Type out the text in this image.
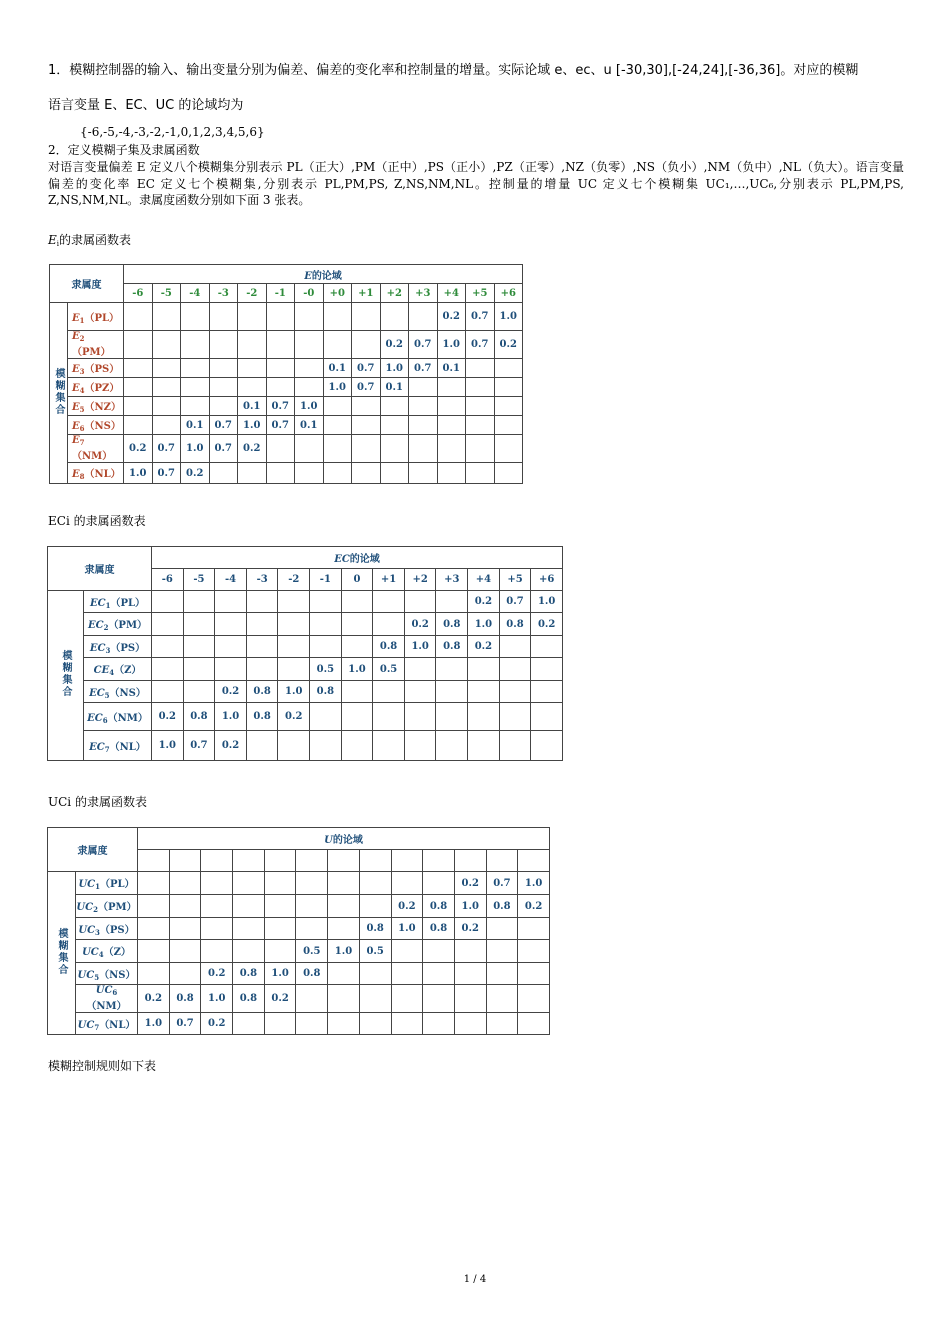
1．模糊控制器的输入、输出变量分别为偏差、偏差的变化率和控制量的增量。实际论域 e、ec、u [-30,30],[-24,24],[-36,36]。对应的模糊
语言变量 E、EC、UC 的论域均为
{-6,-5,-4,-3,-2,-1,0,1,2,3,4,5,6}
2．定义模糊子集及隶属函数
对语言变量偏差 E 定义八个模糊集分别表示 PL（正大）,PM（正中）,PS（正小）,PZ（正零）,NZ（负零）,NS（负小）,NM（负中）,NL（负大）。语言变量偏差的变化率 EC 定义七个模糊集,分别表示 PL,PM,PS, Z,NS,NM,NL。控制量的增量 UC 定义七个模糊集 UC₁,…,UC₆,分别表示 PL,PM,PS, Z,NS,NM,NL。隶属度函数分别如下面 3 张表。
$E_i$的隶属函数表
隶属度		E的论域													
		-6	-5	-4	-3	-2	-1	-0	+0	+1	+2	+3	+4	+5	+6
模糊集合	$E_1(PL)$												0.2	0.7	1.0
	$E_2(PM)$										0.2	0.7	1.0	0.7	0.2
	$E_3(PS)$								0.1	0.7	1.0	0.7	0.1		
	$E_4(PZ)$								1.0	0.7	0.1				
	$E_5(NZ)$					0.1	0.7	1.0							
	$E_6(NS)$			0.1	0.7	1.0	0.7	0.1							
	$E_7(NM)$	0.2	0.7	1.0	0.7	0.2									
	$E_8(NL)$	1.0	0.7	0.2											
ECi 的隶属函数表
隶属度		EC的论域												
		-6	-5	-4	-3	-2	-1	0	+1	+2	+3	+4	+5	+6
模糊集合	$EC_1(PL)$											0.2	0.7	1.0
	$EC_2(PM)$									0.2	0.8	1.0	0.8	0.2
	$EC_3(PS)$								0.8	1.0	0.8	0.2		
	$CE_4(Z)$						0.5	1.0	0.5					
	$EC_5(NS)$			0.2	0.8	1.0	0.8							
	$EC_6(NM)$	0.2	0.8	1.0	0.8	0.2								
	$EC_7(NL)$	1.0	0.7	0.2										
UCi 的隶属函数表
隶属度		U的论域												

模糊集合	$UC_1(PL)$											0.2	0.7	1.0
	$UC_2(PM)$									0.2	0.8	1.0	0.8	0.2
	$UC_3(PS)$								0.8	1.0	0.8	0.2		
	$UC_4(Z)$						0.5	1.0	0.5					
	$UC_5(NS)$			0.2	0.8	1.0	0.8							
	$UC_6(NM)$	0.2	0.8	1.0	0.8	0.2								
	$UC_7(NL)$	1.0	0.7	0.2										
模糊控制规则如下表
1 / 4
